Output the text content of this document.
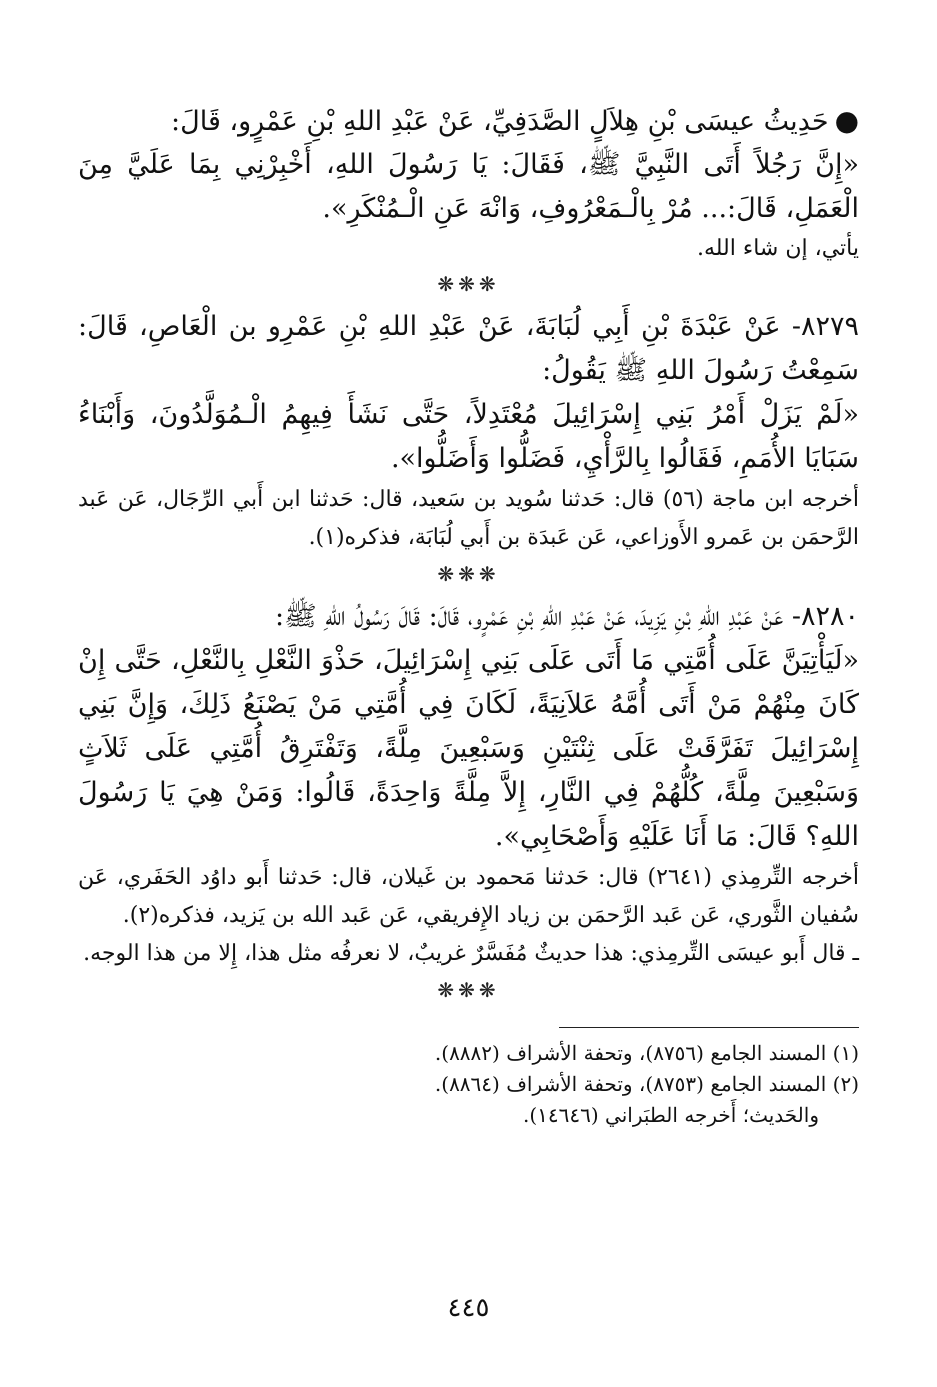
●حَدِيثُ عيسَى بْنِ هِلاَلٍ الصَّدَفِيِّ، عَنْ عَبْدِ اللهِ بْنِ عَمْرٍو، قَالَ:

«إِنَّ رَجُلاً أَتَى النَّبِيَّ ﷺ، فَقَالَ: يَا رَسُولَ اللهِ، أَخْبِرْنِي بِمَا عَلَيَّ مِنَ الْعَمَلِ، قَالَ:... مُرْ بِالْـمَعْرُوفِ، وَانْهَ عَنِ الْـمُنْكَرِ».

يأتي، إن شاء الله.

❋❋❋

٨٢٧٩- عَنْ عَبْدَةَ بْنِ أَبِي لُبَابَةَ، عَنْ عَبْدِ اللهِ بْنِ عَمْرِو بن الْعَاصِ، قَالَ: سَمِعْتُ رَسُولَ اللهِ ﷺ يَقُولُ:

«لَمْ يَزَلْ أَمْرُ بَنِي إِسْرَائِيلَ مُعْتَدِلاً، حَتَّى نَشَأَ فِيهِمُ الْـمُوَلَّدُونَ، وَأَبْنَاءُ سَبَايَا الأُمَمِ، فَقَالُوا بِالرَّأْيِ، فَضَلُّوا وَأَضَلُّوا».

أخرجه ابن ماجة (٥٦) قال: حَدثنا سُويد بن سَعيد، قال: حَدثنا ابن أَبي الرِّجَال، عَن عَبد الرَّحمَن بن عَمرو الأَوزاعي، عَن عَبدَة بن أَبي لُبَابَة، فذكره(١).

❋❋❋

٨٢٨٠- عَنْ عَبْدِ اللهِ بْنِ يَزِيدَ، عَنْ عَبْدِ اللهِ بْنِ عَمْرٍو، قَالَ: قَالَ رَسُولُ اللهِ ﷺ:

«لَيَأْتِيَنَّ عَلَى أُمَّتِي مَا أَتَى عَلَى بَنِي إِسْرَائِيلَ، حَذْوَ النَّعْلِ بِالنَّعْلِ، حَتَّى إِنْ كَانَ مِنْهُمْ مَنْ أَتَى أُمَّهُ عَلاَنِيَةً، لَكَانَ فِي أُمَّتِي مَنْ يَصْنَعُ ذَلِكَ، وَإِنَّ بَنِي إِسْرَائِيلَ تَفَرَّقَتْ عَلَى ثِنْتَيْنِ وَسَبْعِينَ مِلَّةً، وَتَفْتَرِقُ أُمَّتِي عَلَى ثَلاَثٍ وَسَبْعِينَ مِلَّةً، كُلُّهُمْ فِي النَّارِ، إِلاَّ مِلَّةً وَاحِدَةً، قَالُوا: وَمَنْ هِيَ يَا رَسُولَ اللهِ؟ قَالَ: مَا أَنَا عَلَيْهِ وَأَصْحَابِي».

أخرجه التِّرمِذي (٢٦٤١) قال: حَدثنا مَحمود بن غَيلان، قال: حَدثنا أَبو داوُد الحَفَري، عَن سُفيان الثَّوري، عَن عَبد الرَّحمَن بن زياد الإِفريقي، عَن عَبد الله بن يَزيد، فذكره(٢).

ـ قال أَبو عيسَى التِّرمِذي: هذا حديثٌ مُفَسَّرٌ غريبٌ، لا نعرفُه مثل هذا، إِلا من هذا الوجه.

❋❋❋
(١) المسند الجامع (٨٧٥٦)، وتحفة الأشراف (٨٨٨٢).
(٢) المسند الجامع (٨٧٥٣)، وتحفة الأشراف (٨٨٦٤).
والحَديث؛ أَخرجه الطبَراني (١٤٦٤٦).
٤٤٥
